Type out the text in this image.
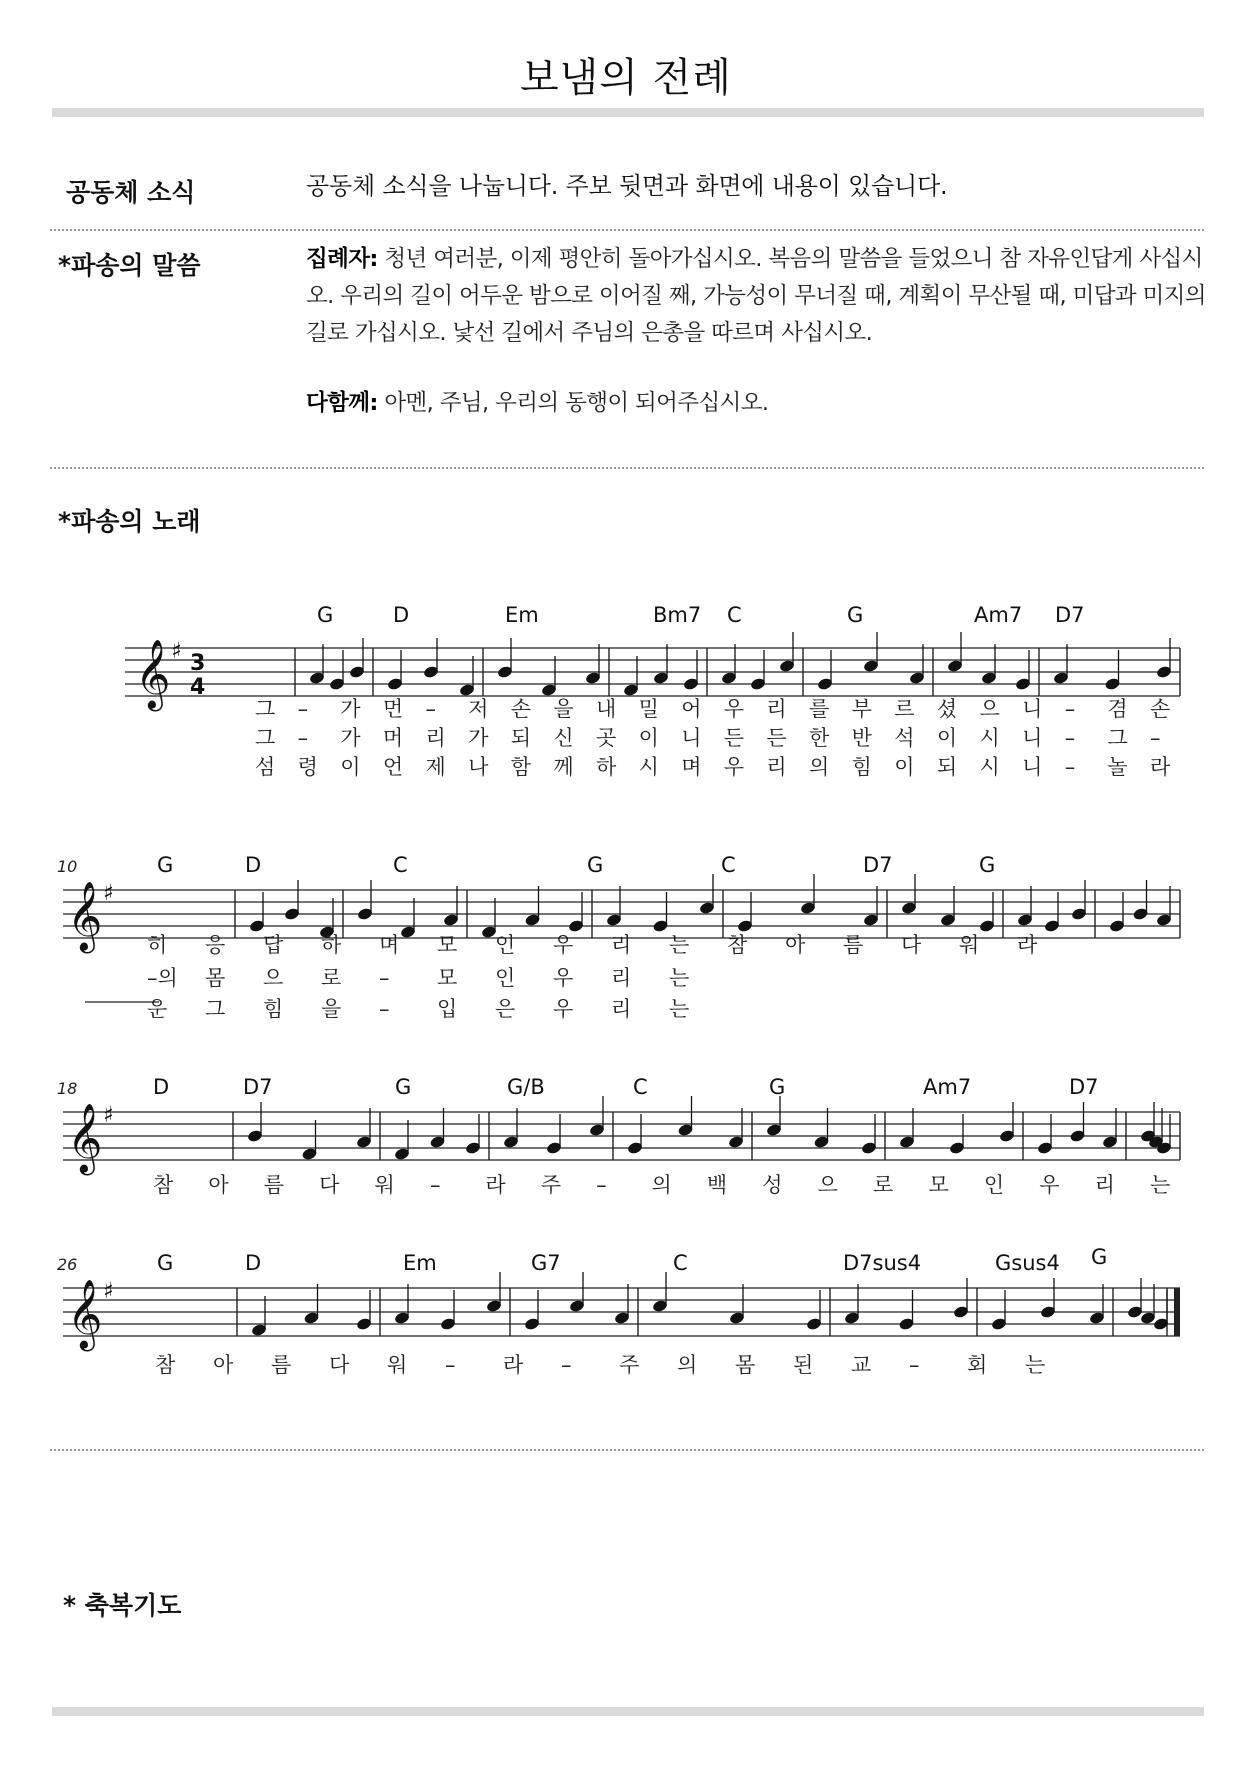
보냄의 전례
공동체 소식	공동체 소식을 나눕니다. 주보 뒷면과 화면에 내용이 있습니다.
*파송의 말씀	집례자: 청년 여러분, 이제 평안히 돌아가십시오. 복음의 말씀을 들었으니 참 자유인답게 사십시오. 우리의 길이 어두운 밤으로 이어질 째, 가능성이 무너질 때, 계획이 무산될 때, 미답과 미지의 길로 가십시오. 낯선 길에서 주님의 은총을 따르며 사십시오.
다함께: 아멘, 주님, 우리의 동행이 되어주십시오.
*파송의 노래
𝄞 ♯ 3
4
G	D	Em	Bm7 C	G	Am7 D7
그 – 가 먼 – 저 손 을 내 밀 어 우 리 를 부 르 셨 으 니 – 겸 손
그 – 가 머 리 가 되 신 곳 이 니 든 든 한 반 석 이 시 니 – 그 –
섬 령 이 언 제 나 함 께 하 시 며 우 리 의 힘 이 되 시 니 – 놀 라
𝄞 ♯
10	G	D	C	G	C	D7	G
히 응 답 하 며 모 인 우 리 는 참 아 름 다 워 라
–의 몸 으 로 – 모 인 우 리 는
운 그 힘 을 – 입 은 우 리 는
𝄞 ♯
18	D	D7	G	G/B	C	G	Am7	D7
참 아 름 다 워 – 라 주 – 의 백 성 으 로 모 인 우 리 는
𝄞 ♯
26	G	D	Em	G7	C	D7sus4	Gsus4 G
참 아 름 다 워 – 라 – 주 의 몸 된 교 – 회 는
* 축복기도
